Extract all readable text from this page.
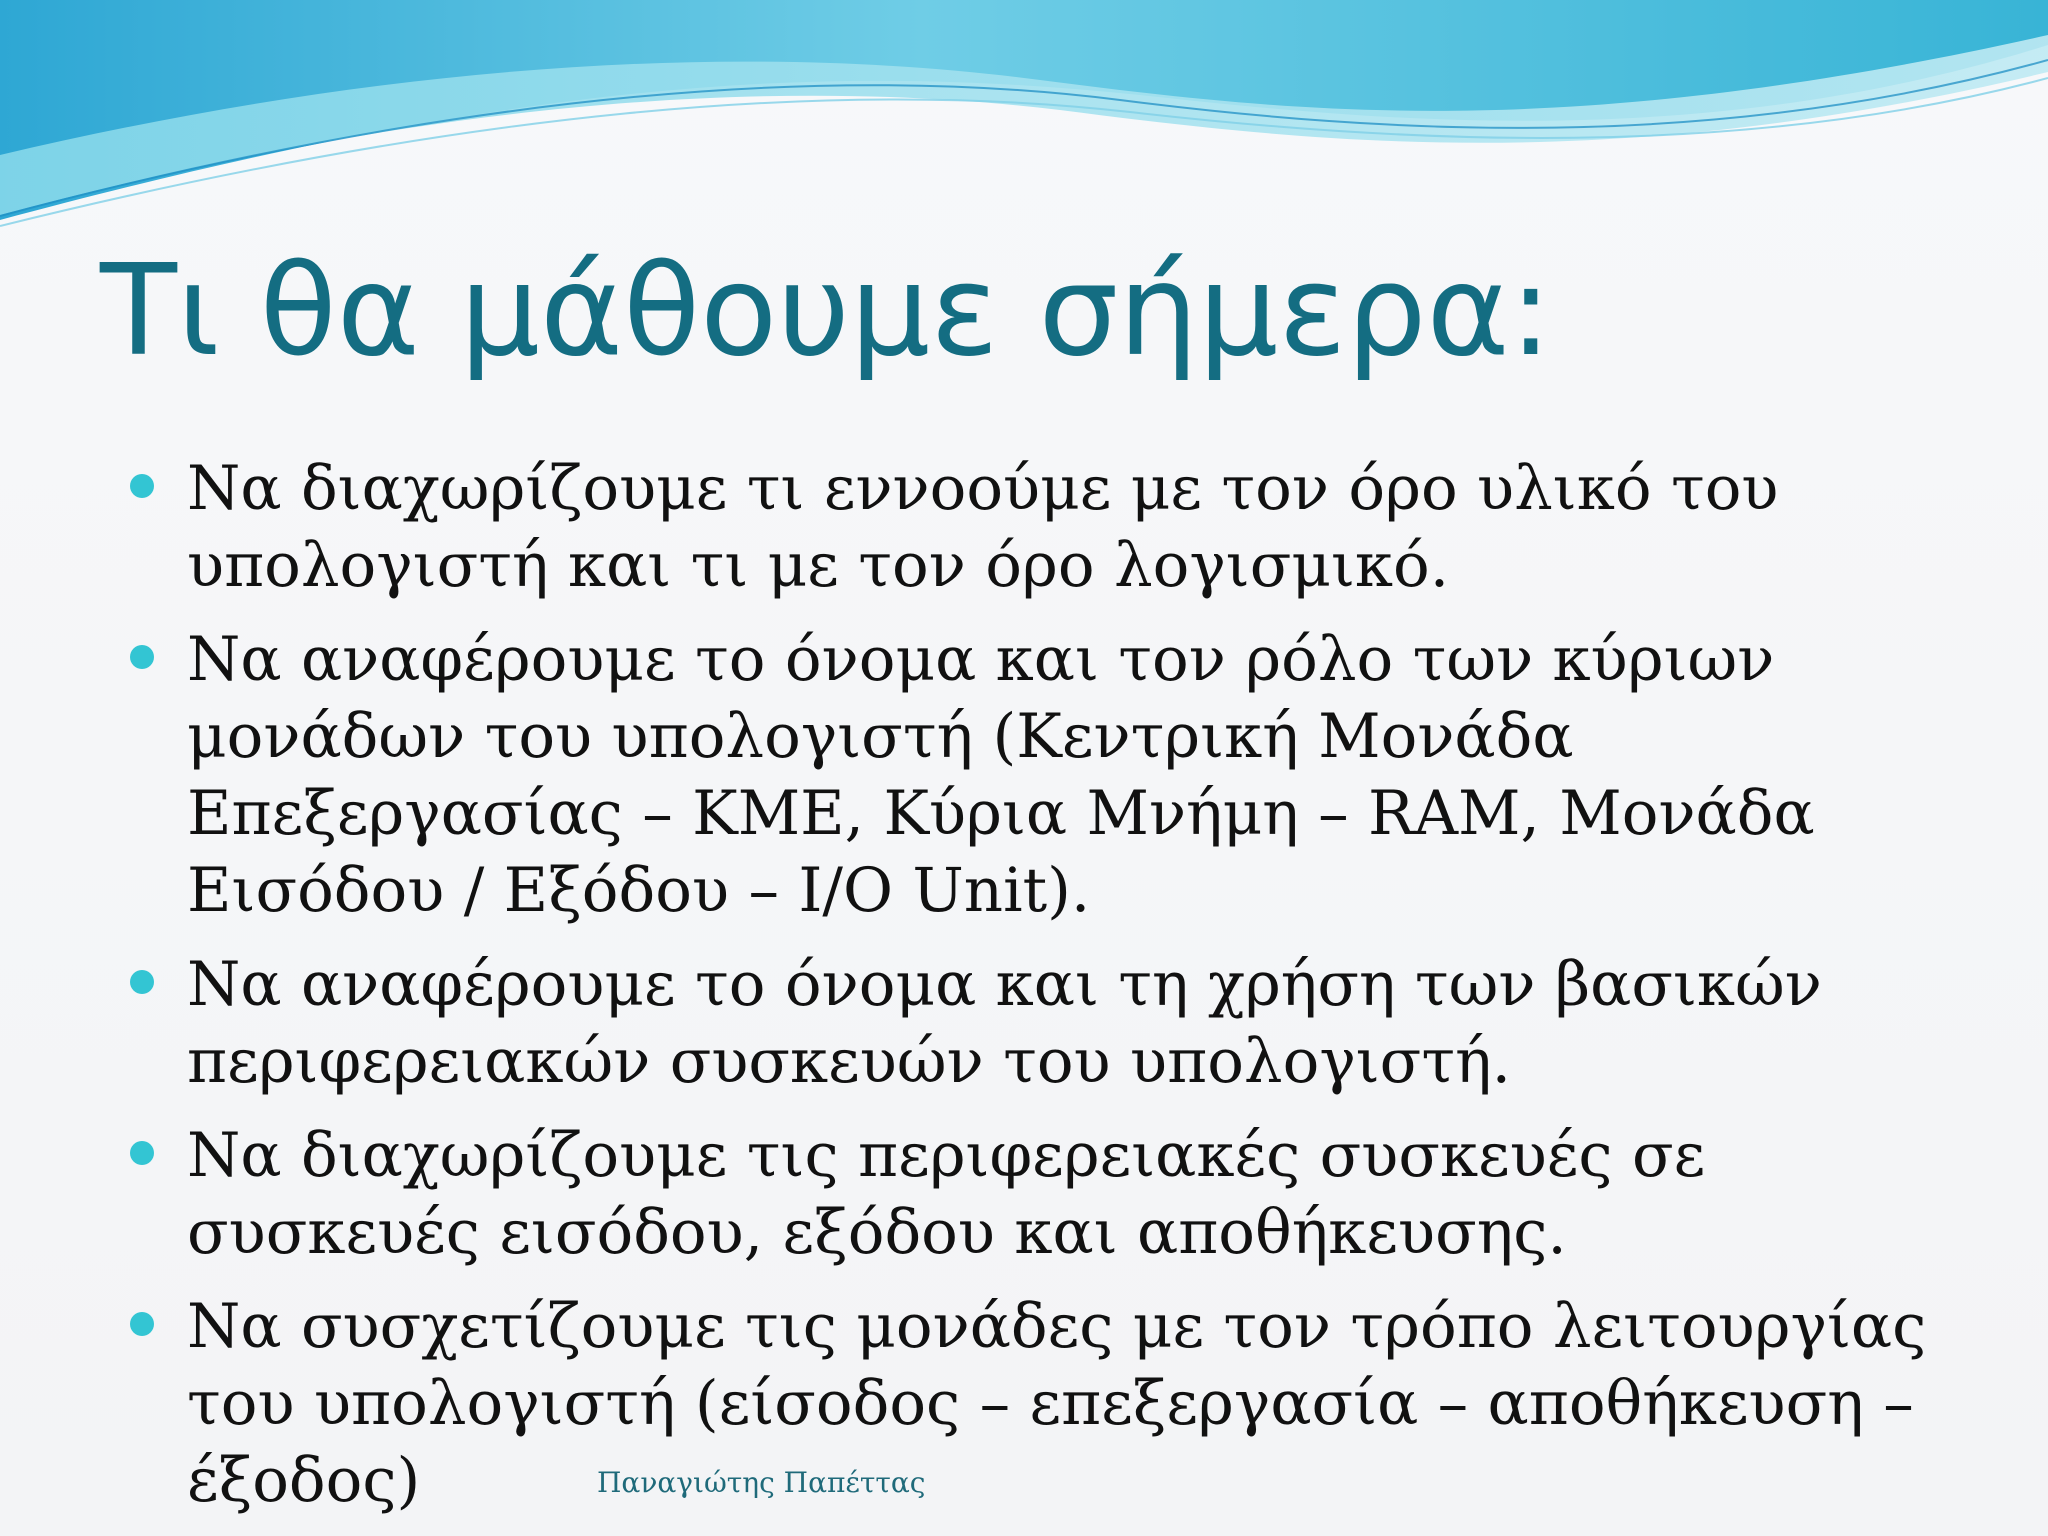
Τι θα μάθουμε σήμερα:
Να διαχωρίζουμε τι εννοούμε με τον όρο υλικό του υπολογιστή και τι με τον όρο λογισμικό.
Να αναφέρουμε το όνομα και τον ρόλο των κύριων μονάδων του υπολογιστή (Κεντρική Μονάδα Επεξεργασίας – ΚΜΕ, Κύρια Μνήμη – RAM, Μονάδα Εισόδου / Εξόδου – I/O Unit).
Να αναφέρουμε το όνομα και τη χρήση των βασικών περιφερειακών συσκευών του υπολογιστή.
Να διαχωρίζουμε τις περιφερειακές συσκευές σε συσκευές εισόδου, εξόδου και αποθήκευσης.
Να συσχετίζουμε τις μονάδες με τον τρόπο λειτουργίας του υπολογιστή (είσοδος – επεξεργασία – αποθήκευση – έξοδος)	Παναγιώτης Παπέττας
